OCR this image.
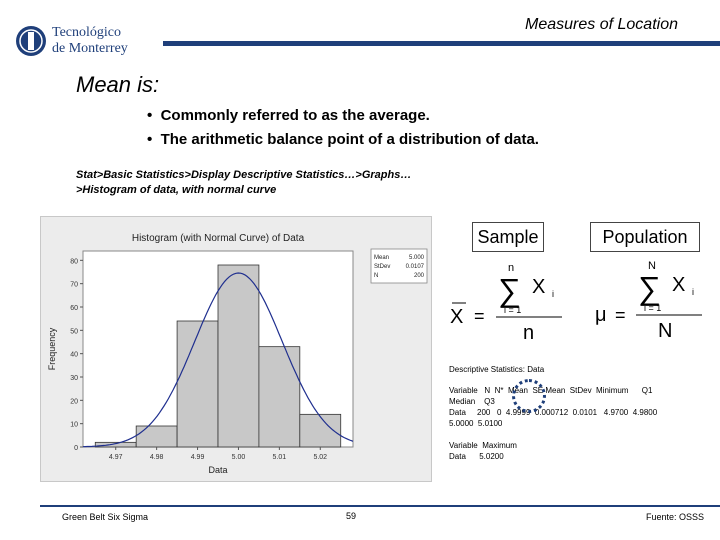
Tecnológico
de Monterrey
Measures of Location
Mean is:
•  Commonly referred to as the average.
•  The arithmetic balance point of a distribution of data.
Stat>Basic Statistics>Display Descriptive Statistics…>Graphs…
>Histogram of data, with normal curve
Histogram (with Normal Curve) of Data
0
10
20
30
40
50
60
70
80
Frequency
4.97	4.98	4.99	5.00	5.01	5.02
Data
Mean	5.000
StDev	0.0107
N	200
Sample	Population
X =
n
∑
i = 1
X i
n
μ =
N
∑
i = 1
X i
N
Descriptive Statistics: Data
Variable   N  N*  Mean  SE Mean  StDev  Minimum      Q1
Median    Q3
Data     200   0  4.9999  0.000712  0.0101   4.9700  4.9800
5.0000  5.0100
Variable  Maximum
Data      5.0200
Green Belt Six Sigma	59	Fuente: OSSS
